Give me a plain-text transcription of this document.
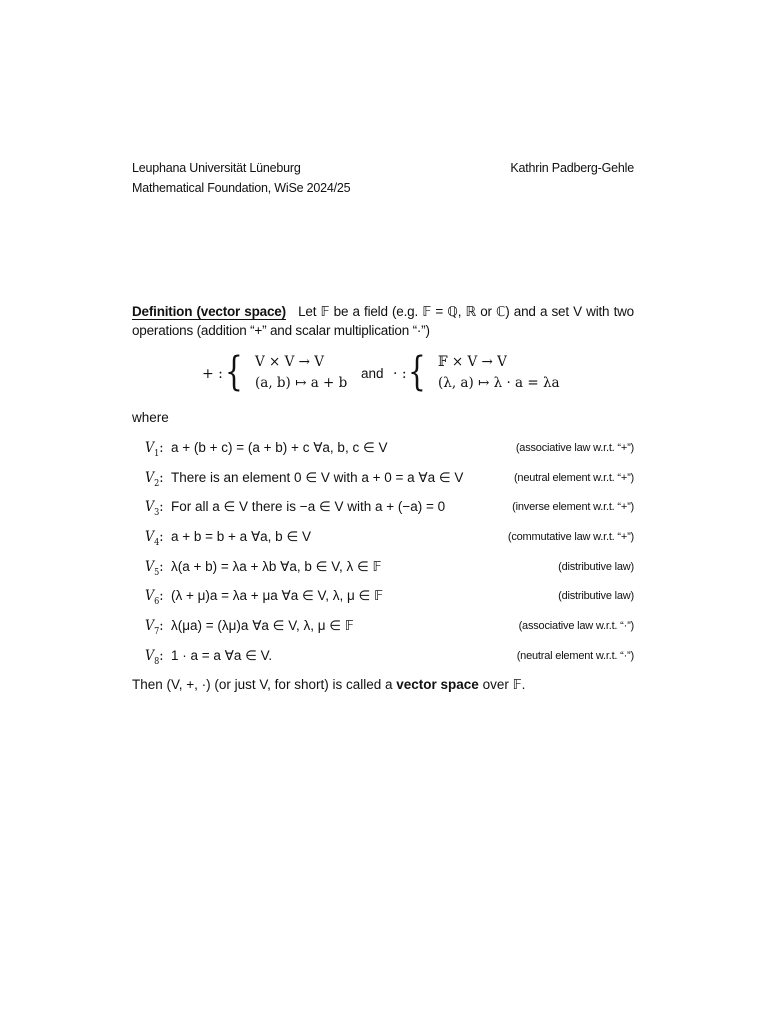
Leuphana Universität Lüneburg
Mathematical Foundation, WiSe 2024/25
Kathrin Padberg-Gehle
Definition (vector space) Let 𝔽 be a field (e.g. 𝔽 = ℚ, ℝ or ℂ) and a set V with two operations (addition “+” and scalar multiplication “·”)
+ : { V × V → V
(a, b) ↦ a + b
and · : { 𝔽 × V → V
(λ, a) ↦ λ · a = λa
where
$V_1$: a + (b + c) = (a + b) + c ∀a, b, c ∈ V	(associative law w.r.t. “+”)
$V_2$: There is an element 0 ∈ V with a + 0 = a ∀a ∈ V	(neutral element w.r.t. “+”)
$V_3$: For all a ∈ V there is −a ∈ V with a + (−a) = 0	(inverse element w.r.t. “+”)
$V_4$: a + b = b + a ∀a, b ∈ V	(commutative law w.r.t. “+”)
$V_5$: λ(a + b) = λa + λb ∀a, b ∈ V, λ ∈ 𝔽	(distributive law)
$V_6$: (λ + μ)a = λa + μa ∀a ∈ V, λ, μ ∈ 𝔽	(distributive law)
$V_7$: λ(μa) = (λμ)a ∀a ∈ V, λ, μ ∈ 𝔽	(associative law w.r.t. “·”)
$V_8$: 1 · a = a ∀a ∈ V.	(neutral element w.r.t. “·”)
Then (V, +, ·) (or just V, for short) is called a vector space over 𝔽.
